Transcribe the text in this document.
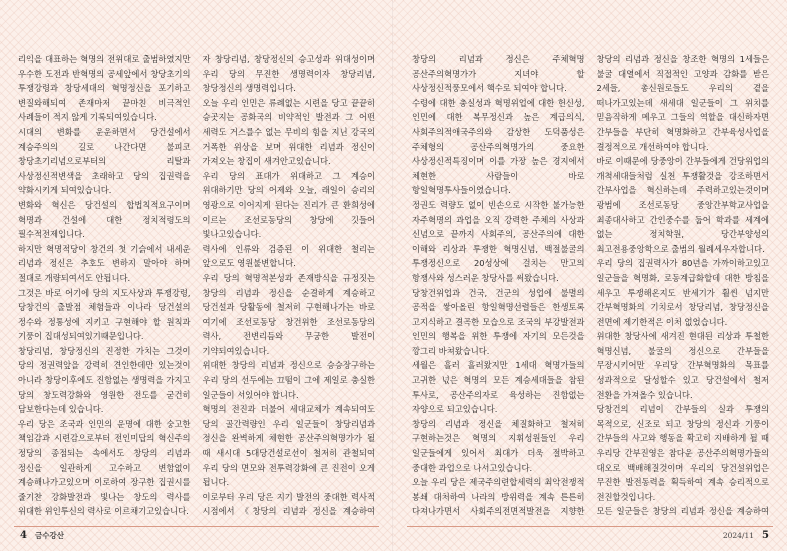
리익을 대표하는 혁명의 전위대로 출범하였지만 우수한 도전과 반혁명의 공세앞에서 창당초기의 투쟁강령과 창당세대의 혁명정신을 포기하고 변질와해되여 존재마저 끝마친 비극적인 사례들이 적지 않게 기록되여있습니다.

시대의 변화를 운운하면서 당건설에서 계승주의의 길로 나간다면 불피코 창당초기리념으로부터의 리탈과 사상정신적변색을 초래하고 당의 집권력을 약화시키게 되여있습니다.

변화와 혁신은 당건설의 합법칙적요구이며 혁명과 건설에 대한 정치적령도의 필수적전제입니다.

하지만 혁명적당이 창건의 첫 기슭에서 내세운 리념과 정신은 추호도 변하지 말아야 하며 절대로 개량되여서도 안됩니다.

그것은 바로 어기에 당의 지도사상과 투쟁강령, 당창건의 출발점 체험들과 이나라 당건설의 정수와 정통성에 지키고 구현해야 할 원칙과 기풍이 집대성되여있기때문입니다.

창당리념, 창당정신의 진정한 가치는 그것이 당의 정권력앞을 강력히 견인한데만 있는것이 아니라 창당이후에도 진함없는 생명력을 가지고 당의 창도력강화와 영원한 전도를 굳건히 담보한다는데 있습니다.

우리 당은 조국과 인민의 운명에 대한 숭고한 책임감과 시련감으로부터 전인미답의 혁신주의 정당의 종점되는 속에서도 창당의 리념과 정신을 일관하게 고수하고 변함없이 계승해나가고있으며 이로하여 장구한 집권시를 줄기찬 강화발전과 빛나는 창도의 력사를 위대한 위인투신의 력사로 이르채기고있습니다.

자 창당리념, 창당정신의 승고성과 위대성이며 우리 당의 무진한 생명력이자 창당리념, 창당정신의 생명력입니다.

오늘 우리 인민은 류례없는 시련을 당고 끝끝히 승곳지는 공화국의 비약적인 발전과 그 어떤 세력도 거스를수 없는 무비의 힘을 지닌 강국의 거폭한 위상을 보며 위대한 리념과 정신이 가져오는 창집이 새겨안고있습니다.

우리 당의 표대가 위대하고 그 계승이 위대하기만 당의 어제와 오늘, 래일이 승리의 영광으로 이어지게 된다는 진리가 큰 환희성에 이르는 조선로동당의 창당에 깃들어 빛나고있습니다.

력사에 인류와 검증된 이 위대한 철리는 앞으로도 영원불변합니다.

우리 당의 혁명적본성과 존재방식을 규정짓는 창당의 리념과 정신을 순결하게 계승하고 당건설과 당활동에 철저히 구현해나가는 바로 여기에 조선로동당 창건위한 조선로동당의 력사, 전변리듬와 무궁한 발전이 기약되여있습니다.

위대한 창당의 리념과 정신으로 승승장구하는 우리 당의 선두에는 끄떰이 그에 제일로 충실한 일군들이 서있어야 합니다.

혁명의 전진과 더불어 세대교체가 계속되여도 당의 골간력량인 우리 일군들이 창당리념과 정신을 완벽하게 체현한 공산주의혁명가가 될 때 새시대 5대당건설로선이 철저히 관철되여 우리 당의 면모와 전투력강화에 큰 진전이 오게 됩니다.

이로부터 우리 당은 지기 발전의 중대한 력사적 시점에서 《창당의 리념과 정신을 계승하여

4 금수강산

창당의 리념과 정신은 주체혁명 공산주의혁명가가 지녀야 할 사상정신적풍모에서 핵수로 되여야 합니다.

수령에 대한 충실성과 혁명위업에 대한 헌신성, 인민에 대한 복무정신과 높은 계급의식, 사회주의적애국주의와 감상한 도덕품성은 주체형의 공산주의혁명가의 중요한 사상정신적특징이며 이를 가장 높은 경지에서 체현한 사람들이 바로 항일혁명투사들이였습니다.

정권도 력량도 없이 빈손으로 시작한 불가능한 자주혁명의 과업을 오직 강력한 주체의 사상과 신념으로 끝까지 사회주의, 공산주의에 대한 이해와 리상과 투쟁한 혁명신념, 백절불굴의 투쟁정신으로 20성상에 걸치는 만고의 항쟁사와 성스러운 창당사를 써왔습니다.

당창건위업과 건국, 건군의 성업에 불멸의 공적을 쌓아올린 항일혁명선렬들은 한생토록 고지식하고 결곡한 모습으로 조국의 부강발전과 인민의 행복을 위한 투쟁에 자기의 모든것을 깡그리 바쳐왔습니다.

세월은 흘러 흘러왔지만 1세대 혁명가들의 고귀한 넋은 혁명의 모든 계승세대들을 참된 투사로, 공산주의자로 육성하는 진함없는 자양으로 되고있습니다.

창당의 리념과 정신을 체질화하고 철저히 구현하는것은 혁명의 지휘성원들인 우리 일군들에게 있어서 최대가 더욱 절박하고 중대한 과업으로 나서고있습니다.

오늘 우리 당은 제국주의련합세력의 최악전쟁적 봉쇄 대처하여 나라의 방위력을 계속 튼튼히 다져나가면서 사회주의전면적발전을 지향한

창당의 리념과 정신을 창조한 혁명의 1세들은 불굴 대열에서 직접적인 고양과 감화를 받은 2세들, 총신원로들도 우리의 곁을 떠나가고있는데 새세대 일군들이 그 위치를 믿음직하게 메우고 그들의 역할을 대신하자면 간부들을 부단히 혁명화하고 간부육성사업을 결정적으로 개선하여야 합니다.

바로 이때문에 당중앙이 간부들에게 건당위업의 개척세대들처럼 실천 투쟁활것을 강조하면서 간부사업을 혁신하는데 주력하고있는것이며 광범에 조선로동당 중앙간부학교사업을 최종대사하고 간인중수를 둡어 학과를 세계에 없는 정치학원, 당간부양성의 최고전용중앙학으로 출범의 월례세우자합니다.

우리 당의 집권력사가 80년을 가까이하고있고 일군들을 혁명화, 로동계급화할데 대한 방침을 세우고 투쟁해온지도 반세기가 훨씬 넘지만 간부혁명화의 기치로서 창당리념, 창당정신을 전면에 제기한적은 이처 없었습니다.

위대한 창당사에 새겨진 현대된 리상과 투철한 혁명신념, 불굴의 정신으로 간부들을 무장시키어만 우리당 간부혁명화의 목표를 성과적으로 달성할수 있고 당건설에서 철저 전환을 가져올수 있습니다.

당창건의 리념이 간부들의 실과 투쟁의 목적으로, 신조로 되고 창당의 정신과 기풍이 간부들의 사고와 행동을 확고히 지배하게 될 때 우리당 간부진영은 참다운 공산주의혁명가들의 대오로 백배해질것이며 우리의 당건설위업은 무진한 발전동력을 획득하여 계속 승리적으로 전진할것입니다.

모든 일군들은 창당의 리념과 정신을 계승하여

2024/11 5
